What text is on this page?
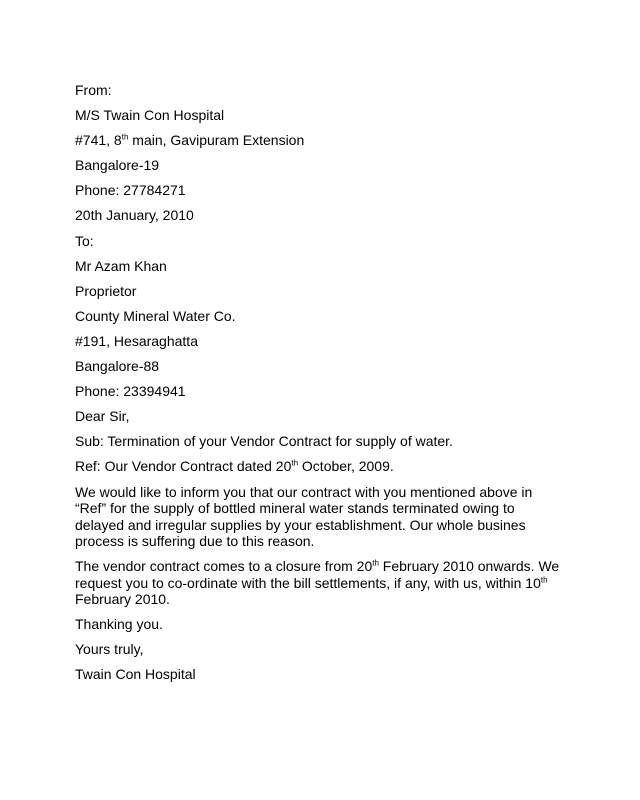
From:
M/S Twain Con Hospital
#741, 8th main, Gavipuram Extension
Bangalore-19
Phone: 27784271
20th January, 2010
To:
Mr Azam Khan
Proprietor
County Mineral Water Co.
#191, Hesaraghatta
Bangalore-88
Phone: 23394941
Dear Sir,
Sub: Termination of your Vendor Contract for supply of water.
Ref: Our Vendor Contract dated 20th October, 2009.
We would like to inform you that our contract with you mentioned above in “Ref” for the supply of bottled mineral water stands terminated owing to delayed and irregular supplies by your establishment. Our whole busines process is suffering due to this reason.
The vendor contract comes to a closure from 20th February 2010 onwards. We request you to co-ordinate with the bill settlements, if any, with us, within 10th February 2010.
Thanking you.
Yours truly,
Twain Con Hospital
